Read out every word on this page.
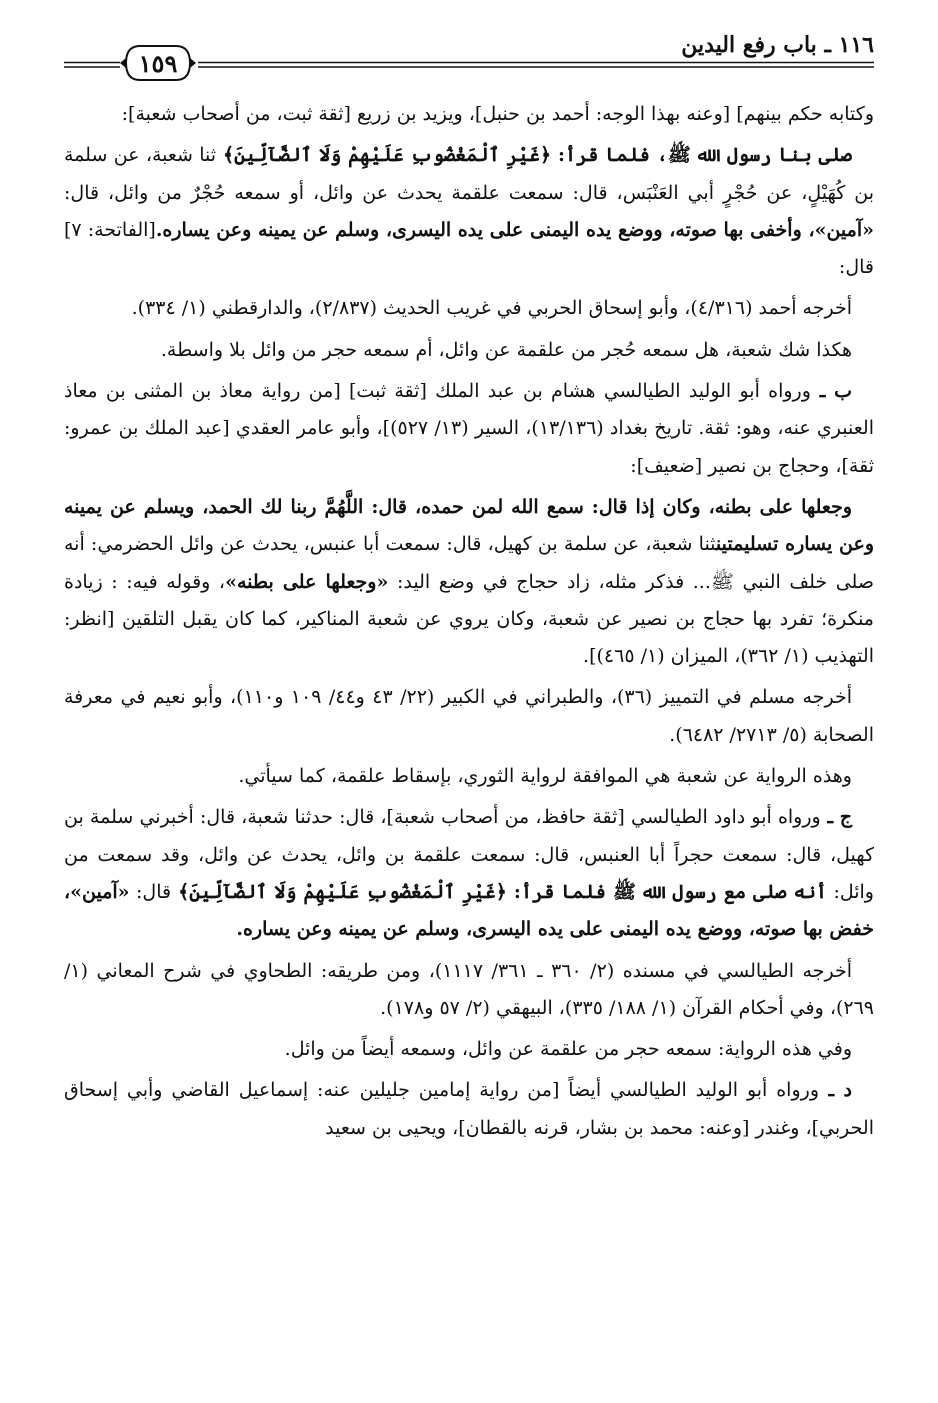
١١٦ ـ باب رفع اليدين
١٥٩

وكتابه حكم بينهم] [وعنه بهذا الوجه: أحمد بن حنبل]، ويزيد بن زريع [ثقة ثبت، من أصحاب شعبة]:

صلى بنا رسول الله ﷺ، فلما قرأ: ﴿غَيْرِ ٱلْمَغْضُوبِ عَلَيْهِمْ وَلَا ٱلضَّآلِّينَ﴾ ثنا شعبة، عن سلمة بن كُهَيْلٍ، عن حُجْرٍ أبي العَنْبَس، قال: سمعت علقمة يحدث عن وائل، أو سمعه حُجْرٌ من وائل، قال: «آمين»، وأخفى بها صوته، ووضع يده اليمنى على يده اليسرى، وسلم عن يمينه وعن يساره.[الفاتحة: ٧] قال:

أخرجه أحمد (٤/٣١٦)، وأبو إسحاق الحربي في غريب الحديث (٢/٨٣٧)، والدارقطني (١/ ٣٣٤).

هكذا شك شعبة، هل سمعه حُجر من علقمة عن وائل، أم سمعه حجر من وائل بلا واسطة.

ب ـ ورواه أبو الوليد الطيالسي هشام بن عبد الملك [ثقة ثبت] [من رواية معاذ بن المثنى بن معاذ العنبري عنه، وهو: ثقة. تاريخ بغداد (١٣/١٣٦)، السير (١٣/ ٥٢٧)]، وأبو عامر العقدي [عبد الملك بن عمرو: ثقة]، وحجاج بن نصير [ضعيف]:

وجعلها على بطنه، وكان إذا قال: سمع الله لمن حمده، قال: اللَّهُمَّ ربنا لك الحمد، ويسلم عن يمينه وعن يساره تسليمتينثنا شعبة، عن سلمة بن كهيل، قال: سمعت أبا عنبس، يحدث عن وائل الحضرمي: أنه صلى خلف النبي ﷺ... فذكر مثله، زاد حجاج في وضع اليد: «وجعلها على بطنه»، وقوله فيه: : زيادة منكرة؛ تفرد بها حجاج بن نصير عن شعبة، وكان يروي عن شعبة المناكير، كما كان يقبل التلقين [انظر: التهذيب (١/ ٣٦٢)، الميزان (١/ ٤٦٥)].

أخرجه مسلم في التمييز (٣٦)، والطبراني في الكبير (٢٢/ ٤٣ و٤٤/ ١٠٩ و١١٠)، وأبو نعيم في معرفة الصحابة (٥/ ٢٧١٣/ ٦٤٨٢).

وهذه الرواية عن شعبة هي الموافقة لرواية الثوري، بإسقاط علقمة، كما سيأتي.

ج ـ ورواه أبو داود الطيالسي [ثقة حافظ، من أصحاب شعبة]، قال: حدثنا شعبة، قال: أخبرني سلمة بن كهيل، قال: سمعت حجراً أبا العنبس، قال: سمعت علقمة بن وائل، يحدث عن وائل، وقد سمعت من وائل: أنه صلى مع رسول الله ﷺ فلما قرأ: ﴿غَيْرِ ٱلْمَغْضُوبِ عَلَيْهِمْ وَلَا ٱلضَّآلِّينَ﴾ قال: «آمين»، خفض بها صوته، ووضع يده اليمنى على يده اليسرى، وسلم عن يمينه وعن يساره.

أخرجه الطيالسي في مسنده (٢/ ٣٦٠ ـ ٣٦١/ ١١١٧)، ومن طريقه: الطحاوي في شرح المعاني (١/ ٢٦٩)، وفي أحكام القرآن (١/ ١٨٨/ ٣٣٥)، البيهقي (٢/ ٥٧ و١٧٨).

وفي هذه الرواية: سمعه حجر من علقمة عن وائل، وسمعه أيضاً من وائل.

د ـ ورواه أبو الوليد الطيالسي أيضاً [من رواية إمامين جليلين عنه: إسماعيل القاضي وأبي إسحاق الحربي]، وغندر [وعنه: محمد بن بشار، قرنه بالقطان]، ويحيى بن سعيد
